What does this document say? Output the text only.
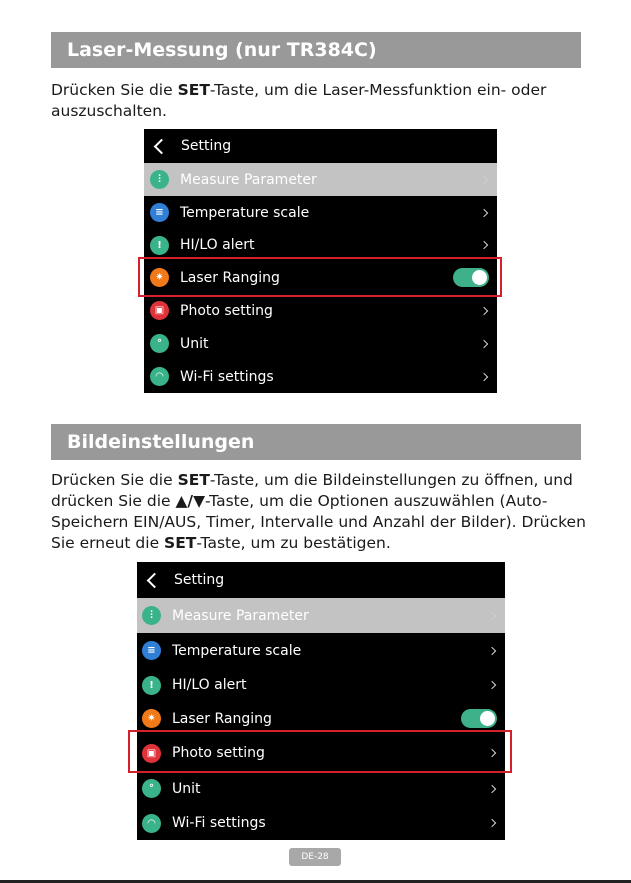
Laser-Messung (nur TR384C)
Drücken Sie die SET-Taste, um die Laser-Messfunktion ein- oder auszuschalten.
Setting
⫶	Measure Parameter
≡	Temperature scale
!	HI/LO alert
✷	Laser Ranging
▣	Photo setting
°	Unit
◠	Wi-Fi settings
Bildeinstellungen
Drücken Sie die SET-Taste, um die Bildeinstellungen zu öffnen, und drücken Sie die ▲/▼-Taste, um die Optionen auszuwählen (Auto-Speichern EIN/AUS, Timer, Intervalle und Anzahl der Bilder). Drücken Sie erneut die SET-Taste, um zu bestätigen.
Setting
⫶	Measure Parameter
≡	Temperature scale
!	HI/LO alert
✷	Laser Ranging
▣	Photo setting
°	Unit
◠	Wi-Fi settings
DE-28
